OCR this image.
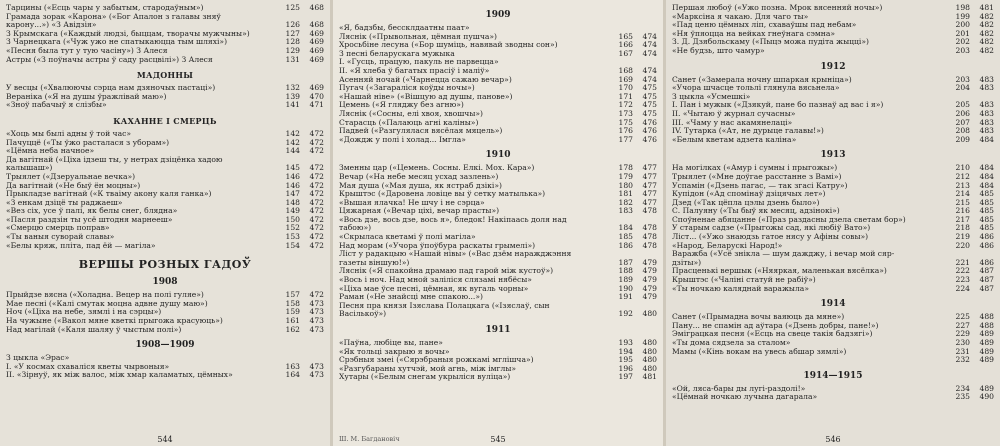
Тарцины («Есць чары у забытым, стародаўным»)	125	468
Грамада зорак «Карона» («Бог Апалон з галавы зняў
карону...») «З Авідзія»	126	468
З Крымскага («Каждый людзі, быццам, творачы мужчыны»)	127	469
З Чарнецкага («Чуж ужо не спатыкаюцца тым шляхі»)	128	469
«Песня была тут у тую часіну») З Алеся	129	469
Астры («З поўначы астры ў саду расцвілі») З Алеся	131	469
МАДОННЫ
У весцы («Хвалюючы сэрца нам дзяночых пастаці»)	132	469
Вераніка («Я на душы ўражлівай маю»)	139	470
«Зноў пабачыў я слізбы»	141	471
КАХАННЕ І СМЕРЦЬ
«Хоць мы былі адны ў той час»	142	472
Пачуццё («Ты ўжо расталася з уборам»)	142	472
«Цёмна неба начное»	144	472
Да вагітнай («Ціха ідзеш ты, у нетрах дзіцёнка хадою
калышаш»)	145	472
Трыялет («Дзеруальнае вечка»)	146	472
Да вагітнай («Не быў ён моцны»)	146	472
Прыкладзе вагітнай («К тваіму акону каля ганка»)	147	472
«З енкам дзіцё ты раджаеш»	148	472
«Вез сіх, усе ў палі, як белы снег, бляднa»	149	472
«Пасля раздзін ты усё штодня марнееш»	150	472
«Смерцю смерць поправ»	152	472
«Ты ваныя суворай славы»	153	472
«Белы кряж, пліта, пад ёй — магіла»	154	472
ВЕРШЫ РОЗНЫХ ГАДОЎ
1908
Прыйдзе вясна («Холадна. Вецер на полі гуляе»)	157	472
Мае песні («Калі смутак моцна адвне душу маю»)	158	473
Ноч («Ціха на небе, зямлі і на сэрцы»)	159	473
На чужыне («Вакол мяне кветкі прыгожа красуюць»)	161	473
Над магілай («Каля шаляу ў чыстым полі»)	162	473
1908—1909
З цыкла «Эрас»
І. «У космах схаваліся кветы чырвоныя»	163	473
ІІ. «Зірнуў, як між валос, між хмар каламатых, цёмных»	164	473
544
1909
«Я, бадзбы, бессклдаатны паат»
Ляснік («Прывольная, цёмная пушча»)	165	474
Хросьбіне лесуна («Бор шуміць, навявай зводны сон»)	166	474
З песні беларускага мужыка	167	474
І. «Гусць, працую, пакуль не парвецца»
ІІ. «Я хлеба ў багатых прасіў і маліў»	168	474
Асенняй ночай («Чарнецца сажаю вечар»)	169	474
Пугач («Загараліся коўды ночы»)	170	475
«Нашай ніве» («Вішцую ад душы, панове»)	171	475
Цемень («Я гляджу без агню»)	172	475
Ляснік («Сосны, елі хвоя, хвошчы»)	173	475
Старасць («Палаюць агні каліны»)	175	476
Падвей («Разгулялася вясёлая мяцель»)	176	476
«Дождж у полі і холад... Імгла»	177	476
1910
Зменны цар («Цемень. Сосны. Елкі. Мох. Кара»)	178	477
Вечар («На небе месяц усхад зазлень»)	179	477
Мая душа («Мая душа, як ястраб дзікі»)	180	477
Крыштэс («Даровена ловіце вы ў сетку матылька»)	181	477
«Вышая ялачка! Не шчу і не сэрца»	182	477
Цяжарная («Вечар ціхі, вечар прасты»)	183	478
«Вось дзе, вось дзе, вось я», бледок! Накіпаась доля над
табою»)	184	478
«Скрыласа кветамі ў полі магіла»	185	478
Над морам («Учора ўпоўбура раскаты грымелі»)	186	478
Ліст у радакцыю «Нашай нівы» («Вас дзём наражджэння
газеты віншую!»)	187	479
Ляснік («Я спакойна драмаю пад гарой між кустоў»)	188	479
«Вось і ноч. Над мной заліліся слязамі нябёсы»	189	479
«Ціха мае ўсе песні, цёмная, як вугаль чорны»	190	479
Раман («Не знайсці мне спакою...»)	191	479
Песня пра князя Ізяслава Полацкага («Ізяслаў, сын
Васількоў»)	192	480
1911
«Паўна, любіце вы, пане»	193	480
«Як тольці закрыю я вочы»	194	480
Срэбныя змеі («Сярэбраныя рожкамі мглішча»)	195	480
«Разгубараны хутчэй, мой агнь, між імглы»	196	480
Хутары («Белым снегам укрыліся вуліца»)	197	481
Ш. М. Багдановіч	545
Першая любоў («Ужо позна. Мрок вясенняй ночы»)	198	481
«Марксіна я чакаю. Для чаго ты»	199	482
«Пад ценю цёмных ліп, схаваўшы пад небам»	200	482
«Ня ўпяоцца на вейках гнеўнага сэмна»	201	482
З. Д. Дзябольскаму («Пыцэ можа пудіта жыцці»)	202	482
«Не будзь, што чамур»	203	482
1912
Санет («Замерала ночну шпаркая крыніца»)	203	483
«Учора шчасце тольлі глянула вясьнела»	204	483
З цыкла «Усмешкі»
І. Пан і мужык («Дзякуй, пане бо пазнаў ад вас і я»)	205	483
ІІ. «Чытаю ў журнал сучасны»	206	483
ІІІ. «Чаму у нас акамянелаці»	207	483
ІV. Тутарка («Ат, не дурыце галавы!»)	208	483
«Белым кветам адзета каліна»	209	484
1913
На могілках («Амур і сумны і прыгожы»)	210	484
Трыялет («Мне доўгае расстанне з Вамі»)	212	484
Успамін («Дзень пагас, — так згасі Катру»)	213	484
Купідон («Ад спомінаў дзіцячых лет»)	214	485
Дзед («Так цёпла цэлы дзень было»)	215	485
С. Палуяну («Ты быў як месяц, адзінокі»)	216	485
Споўненае абяцанне («Праз раздасны дзела светам бор»)	217	485
У старым садзе («Прыгожы сад, які любіў Вато»)	218	485
Ліст... («Ужо знаюдзь гатое нясу у Афіны совы»)	219	486
«Народ, Беларускі Народ!»	220	486
Варажба («Усё знікла — шум дажджу, і вечар мой сяр-
дзіты»)	221	486
Прасценькі вершык («Няяркая, маленькая вясёлка»)	222	487
Крыштэс («Чаліні статуй не рабіў»)	223	487
«Ты ночкаю каляднай варажыла»	224	487
1914
Санет («Прымадна вочы ваяюць да мяне»)	225	488
Пану... не спамін ад аўтара («Дзень добры, пане!»)	227	488
Эміграцкая песня («Есць на свеце такія бадзягі»)	229	489
«Ты дома сядзела за сталом»	230	489
Мамы («Кінь вокам на увесь абшар зямлі»)	231	489
232	489
1914—1915
«Ой, ляса-бары ды лугі-раздолі!»	234	489
«Цёмнай ночкаю лучына дагарала»	235	490
546
